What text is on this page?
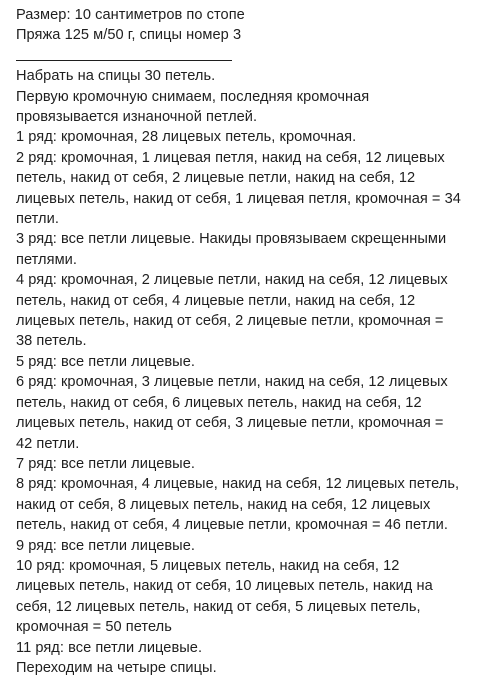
Размер: 10 сантиметров по стопе
Пряжа 125 м/50 г, спицы номер 3
Набрать на спицы 30 петель.
Первую кромочную снимаем, последняя кромочная
провязывается изнаночной петлей.
1 ряд: кромочная, 28 лицевых петель, кромочная.
2 ряд: кромочная, 1 лицевая петля, накид на себя, 12 лицевых
петель, накид от себя, 2 лицевые петли, накид на себя, 12
лицевых петель, накид от себя, 1 лицевая петля, кромочная = 34
петли.
3 ряд: все петли лицевые. Накиды провязываем скрещенными
петлями.
4 ряд: кромочная, 2 лицевые петли, накид на себя, 12 лицевых
петель, накид от себя, 4 лицевые петли, накид на себя, 12
лицевых петель, накид от себя, 2 лицевые петли, кромочная =
38 петель.
5 ряд: все петли лицевые.
6 ряд: кромочная, 3 лицевые петли, накид на себя, 12 лицевых
петель, накид от себя, 6 лицевых петель, накид на себя, 12
лицевых петель, накид от себя, 3 лицевые петли, кромочная =
42 петли.
7 ряд: все петли лицевые.
8 ряд: кромочная, 4 лицевые, накид на себя, 12 лицевых петель,
накид от себя, 8 лицевых петель, накид на себя, 12 лицевых
петель, накид от себя, 4 лицевые петли, кромочная = 46 петли.
9 ряд: все петли лицевые.
10 ряд: кромочная, 5 лицевых петель, накид на себя, 12
лицевых петель, накид от себя, 10 лицевых петель, накид на
себя, 12 лицевых петель, накид от себя, 5 лицевых петель,
кромочная = 50 петель
11 ряд: все петли лицевые.
Переходим на четыре спицы.
